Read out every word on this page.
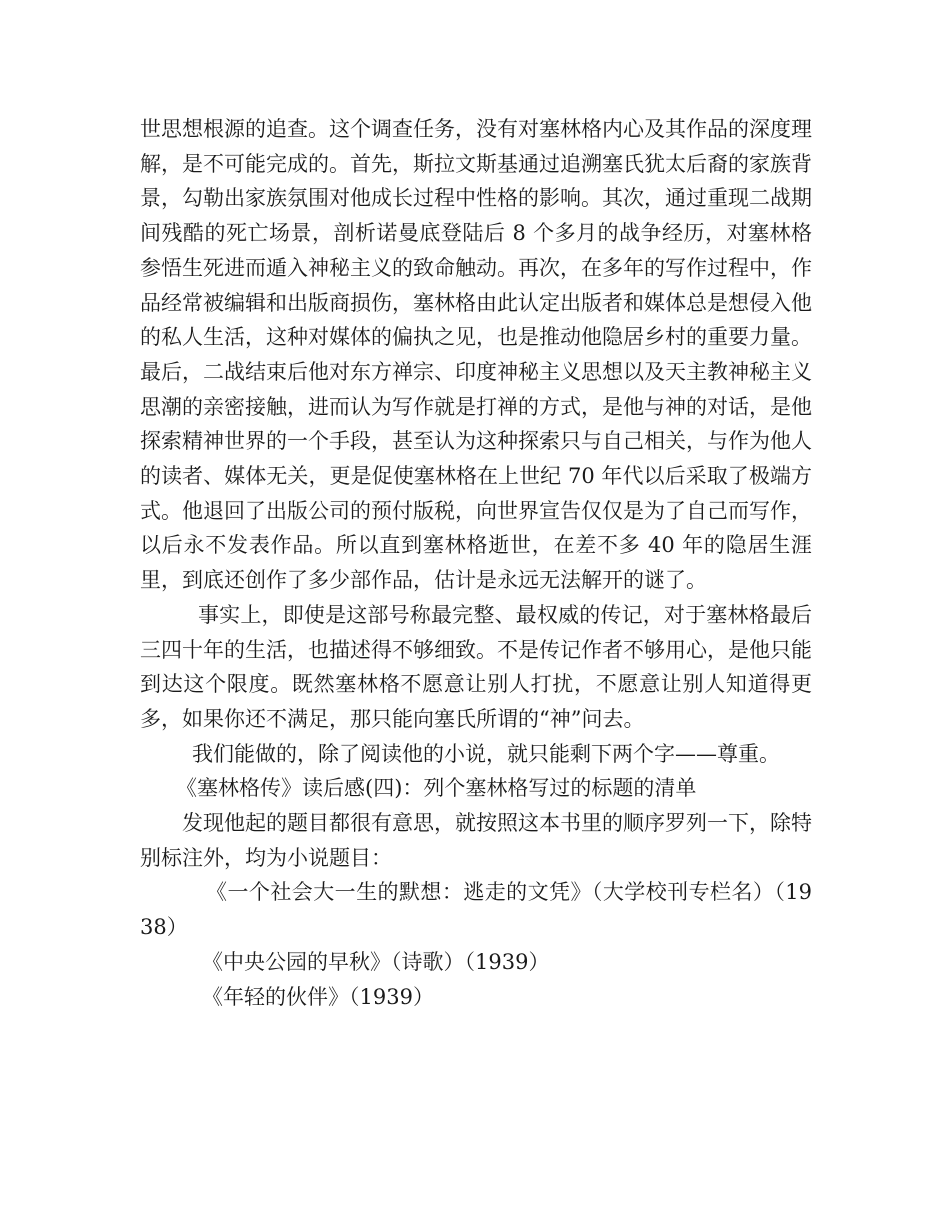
世思想根源的追查。这个调查任务，没有对塞林格内心及其作品的深度理解，是不可能完成的。首先，斯拉文斯基通过追溯塞氏犹太后裔的家族背景，勾勒出家族氛围对他成长过程中性格的影响。其次，通过重现二战期间残酷的死亡场景，剖析诺曼底登陆后 8 个多月的战争经历，对塞林格参悟生死进而遁入神秘主义的致命触动。再次，在多年的写作过程中，作品经常被编辑和出版商损伤，塞林格由此认定出版者和媒体总是想侵入他的私人生活，这种对媒体的偏执之见，也是推动他隐居乡村的重要力量。最后，二战结束后他对东方禅宗、印度神秘主义思想以及天主教神秘主义思潮的亲密接触，进而认为写作就是打禅的方式，是他与神的对话，是他探索精神世界的一个手段，甚至认为这种探索只与自己相关，与作为他人的读者、媒体无关，更是促使塞林格在上世纪 70 年代以后采取了极端方式。他退回了出版公司的预付版税，向世界宣告仅仅是为了自己而写作，以后永不发表作品。所以直到塞林格逝世，在差不多 40 年的隐居生涯里，到底还创作了多少部作品，估计是永远无法解开的谜了。

事实上，即使是这部号称最完整、最权威的传记，对于塞林格最后三四十年的生活，也描述得不够细致。不是传记作者不够用心，是他只能到达这个限度。既然塞林格不愿意让别人打扰，不愿意让别人知道得更多，如果你还不满足，那只能向塞氏所谓的“神”问去。

我们能做的，除了阅读他的小说，就只能剩下两个字——尊重。

《塞林格传》读后感(四)：列个塞林格写过的标题的清单

发现他起的题目都很有意思，就按照这本书里的顺序罗列一下，除特别标注外，均为小说题目：

《一个社会大一生的默想：逃走的文凭》（大学校刊专栏名）（1938）

《中央公园的早秋》（诗歌）（1939）

《年轻的伙伴》（1939）
